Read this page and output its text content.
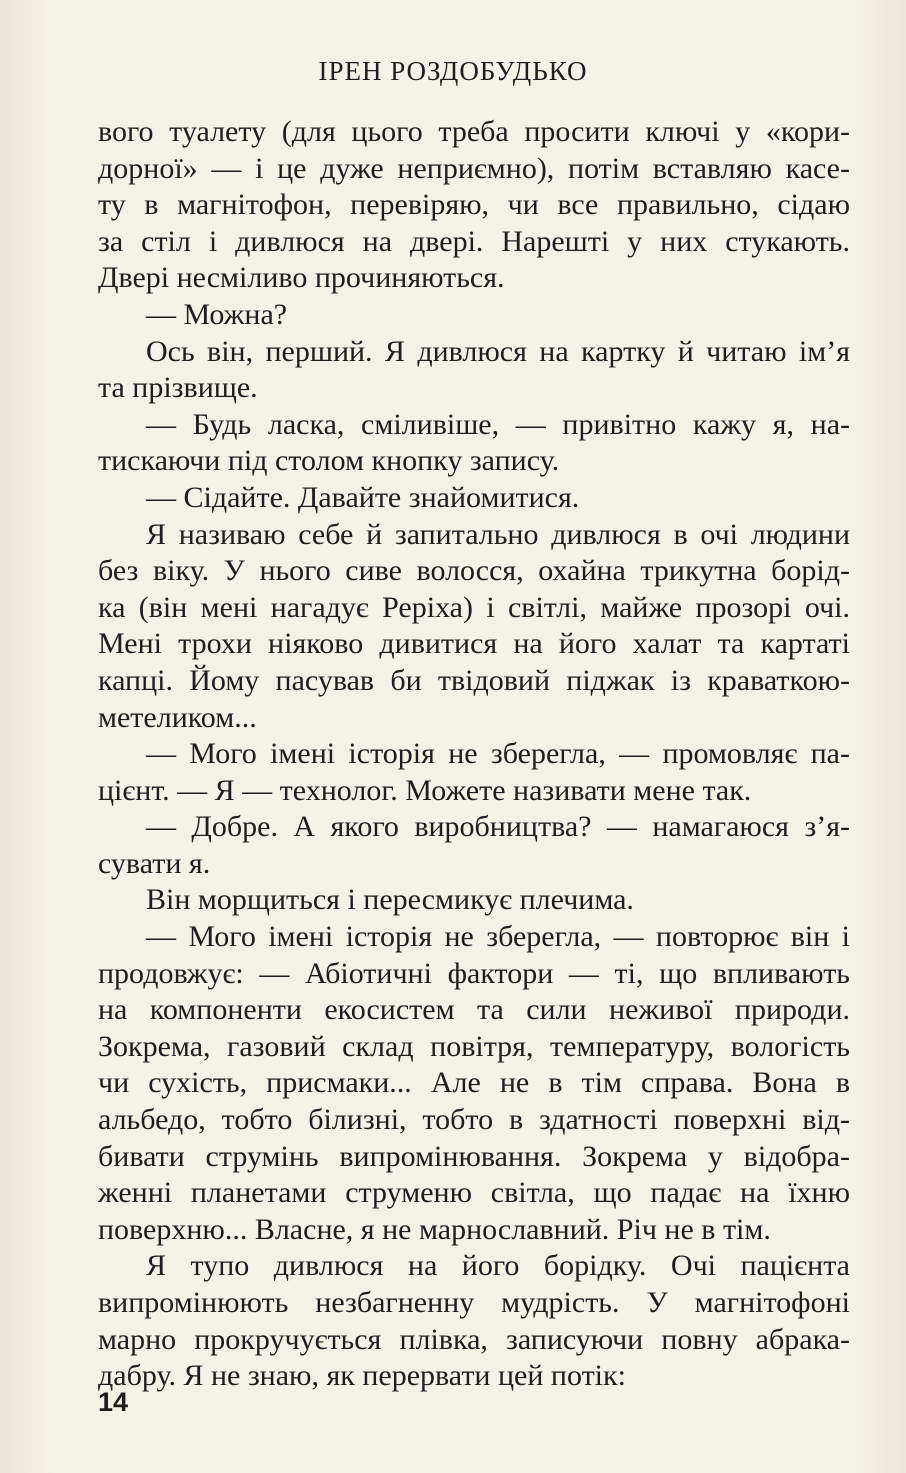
ІРЕН РОЗДОБУДЬКО
вого туалету (для цього треба просити ключі у «кори-
дорної» — і це дуже неприємно), потім вставляю касе-
ту в магнітофон, перевіряю, чи все правильно, сідаю
за стіл і дивлюся на двері. Нарешті у них стукають.
Двері несміливо прочиняються.
— Можна?
Ось він, перший. Я дивлюся на картку й читаю ім’я
та прізвище.
— Будь ласка, сміливіше, — привітно кажу я, на-
тискаючи під столом кнопку запису.
— Сідайте. Давайте знайомитися.
Я називаю себе й запитально дивлюся в очі людини
без віку. У нього сиве волосся, охайна трикутна борід-
ка (він мені нагадує Реріха) і світлі, майже прозорі очі.
Мені трохи ніяково дивитися на його халат та картаті
капці. Йому пасував би твідовий піджак із краваткою-
метеликом...
— Мого імені історія не зберегла, — промовляє па-
цієнт. — Я — технолог. Можете називати мене так.
— Добре. А якого виробництва? — намагаюся з’я-
сувати я.
Він морщиться і пересмикує плечима.
— Мого імені історія не зберегла, — повторює він і
продовжує: — Абіотичні фактори — ті, що впливають
на компоненти екосистем та сили неживої природи.
Зокрема, газовий склад повітря, температуру, вологість
чи сухість, присмаки... Але не в тім справа. Вона в
альбедо, тобто білизні, тобто в здатності поверхні від-
бивати струмінь випромінювання. Зокрема у відобра-
женні планетами струменю світла, що падає на їхню
поверхню... Власне, я не марнославний. Річ не в тім.
Я тупо дивлюся на його борідку. Очі пацієнта
випромінюють незбагненну мудрість. У магнітофоні
марно прокручується плівка, записуючи повну абрака-
дабру. Я не знаю, як перервати цей потік:
14
